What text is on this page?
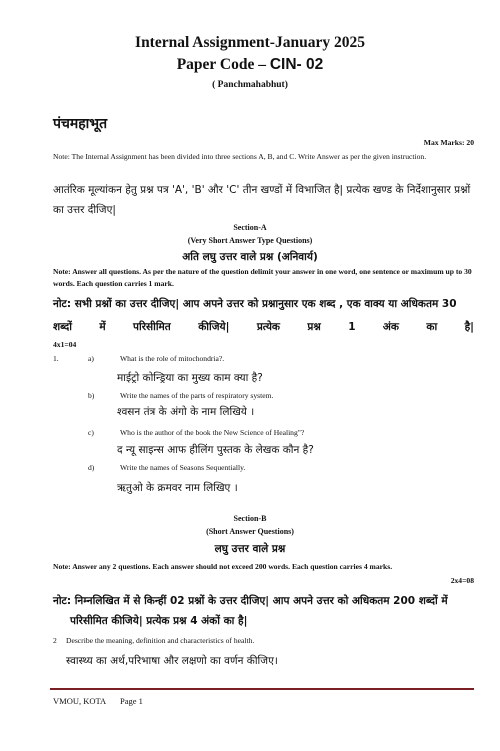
Internal Assignment-January 2025
Paper Code – CIN- 02
( Panchmahabhut)
पंचमहाभूत
Max Marks: 20
Note: The Internal Assignment has been divided into three sections A, B, and C. Write Answer as per the given instruction.
आतंरिक मूल्यांकन हेतु प्रश्न पत्र 'A', 'B' और 'C' तीन खण्डों में विभाजित है| प्रत्येक खण्ड के निर्देशानुसार प्रश्नों का उत्तर दीजिए|
Section-A
(Very Short Answer Type Questions)
अति लघु उत्तर वाले प्रश्न (अनिवार्य)
Note: Answer all questions. As per the nature of the question delimit your answer in one word, one sentence or maximum up to 30 words. Each question carries 1 mark.
नोट: सभी प्रश्नों का उत्तर दीजिए| आप अपने उत्तर को प्रश्नानुसार एक शब्द , एक वाक्य या अधिकतम 30
शब्दों में परिसीमित कीजिये| प्रत्येक प्रश्न 1 अंक का है|
4x1=04
1.	a)	What is the role of mitochondria?.
माईट्रो कोन्ड्रिया का मुख्य काम क्या है?
b)	Write the names of the parts of respiratory system.
श्वसन तंत्र के अंगो के नाम लिखिये ।
c)	Who is the author of the book the New Science of Healing"?
द न्यू साइन्स आफ हीलिंग पुस्तक के लेखक कौन है?
d)	Write the names of Seasons Sequentially.
ऋतुओ के क्रमवर नाम लिखिए ।
Section-B
(Short Answer Questions)
लघु उत्तर वाले प्रश्न
Note: Answer any 2 questions. Each answer should not exceed 200 words. Each question carries 4 marks.
2x4=08
नोट: निम्नलिखित में से किन्हीं 02 प्रश्नों के उत्तर दीजिए| आप अपने उत्तर को अधिकतम 200 शब्दों में
परिसीमित कीजिये| प्रत्येक प्रश्न 4 अंकों का है|
2 Describe the meaning, definition and characteristics of health.
स्वास्थ्य का अर्थ,परिभाषा और लक्षणो का वर्णन कीजिए।
VMOU, KOTA Page 1
